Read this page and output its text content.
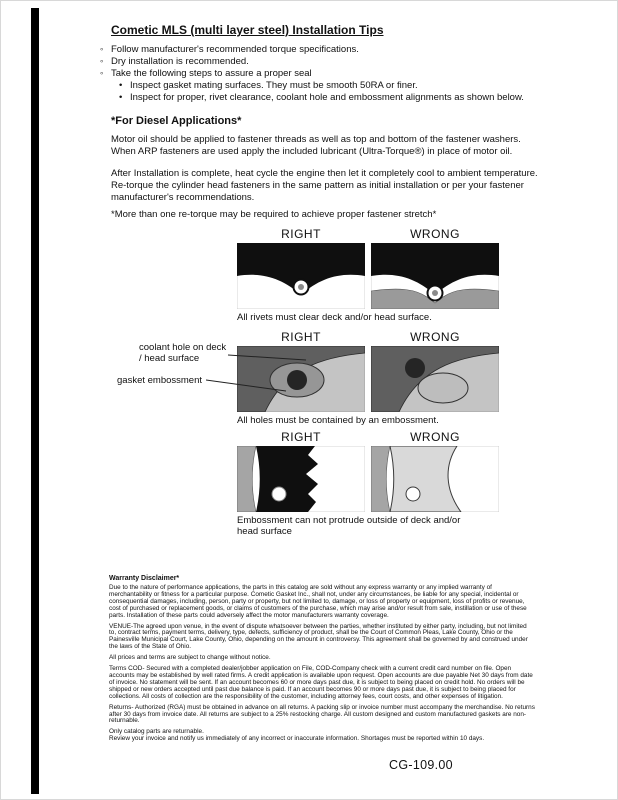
Cometic MLS (multi layer steel) Installation Tips
◦ Follow manufacturer's recommended torque specifications.
◦ Dry installation is recommended.
◦ Take the following steps to assure a proper seal
• Inspect gasket mating surfaces. They must be smooth 50RA or finer.
• Inspect for proper, rivet clearance, coolant hole and embossment alignments as shown below.
*For Diesel Applications*

Motor oil should be applied to fastener threads as well as top and bottom of the fastener washers. When ARP fasteners are used apply the included lubricant (Ultra-Torque®) in place of motor oil.

After Installation is complete, heat cycle the engine then let it completely cool to ambient temperature. Re-torque the cylinder head fasteners in the same pattern as initial installation or per your fastener manufacturer's recommendations.

*More than one re-torque may be required to achieve proper fastener stretch*

RIGHT	WRONG
All rivets must clear deck and/or head surface.
RIGHT	WRONG
All holes must be contained by an embossment.
coolant hole on deck / head surface
gasket embossment
RIGHT	WRONG
Embossment can not protrude outside of deck and/or head surface
Warranty Disclaimer*

Due to the nature of performance applications, the parts in this catalog are sold without any express warranty or any implied warranty of merchantability or fitness for a particular purpose. Cometic Gasket Inc., shall not, under any circumstances, be liable for any special, incidental or consequential damages, including, person, party or property, but not limited to, damage, or loss of property or equipment, loss of profits or revenue, cost of purchased or replacement goods, or claims of customers of the purchase, which may arise and/or result from sale, instillation or use of these parts. Installation of these parts could adversely affect the motor manufacturers warranty coverage.

VENUE-The agreed upon venue, in the event of dispute whatsoever between the parties, whether instituted by either party, including, but not limited to, contract terms, payment terms, delivery, type, defects, sufficiency of product, shall be the Court of Common Pleas, Lake County, Ohio or the Painesville Municipal Court, Lake County, Ohio, depending on the amount in controversy. This agreement shall be governed by and construed under the laws of the State of Ohio.

All prices and terms are subject to change without notice.

Terms COD- Secured with a completed dealer/jobber application on File, COD-Company check with a current credit card number on file. Open accounts may be established by well rated firms. A credit application is available upon request. Open accounts are due payable Net 30 days from date of invoice. No statement will be sent. If an account becomes 60 or more days past due, it is subject to being placed on credit hold. No orders will be shipped or new orders accepted until past due balance is paid. If an account becomes 90 or more days past due, it is subject to being placed for collections. All costs of collection are the responsibility of the customer, including attorney fees, court costs, and other expenses of litigation.

Returns- Authorized (RGA) must be obtained in advance on all returns. A packing slip or invoice number must accompany the merchandise. No returns after 30 days from invoice date. All returns are subject to a 25% restocking charge. All custom designed and custom manufactured gaskets are non-returnable.

Only catalog parts are returnable.

Review your invoice and notify us immediately of any incorrect or inaccurate information. Shortages must be reported within 10 days.

CG-109.00
